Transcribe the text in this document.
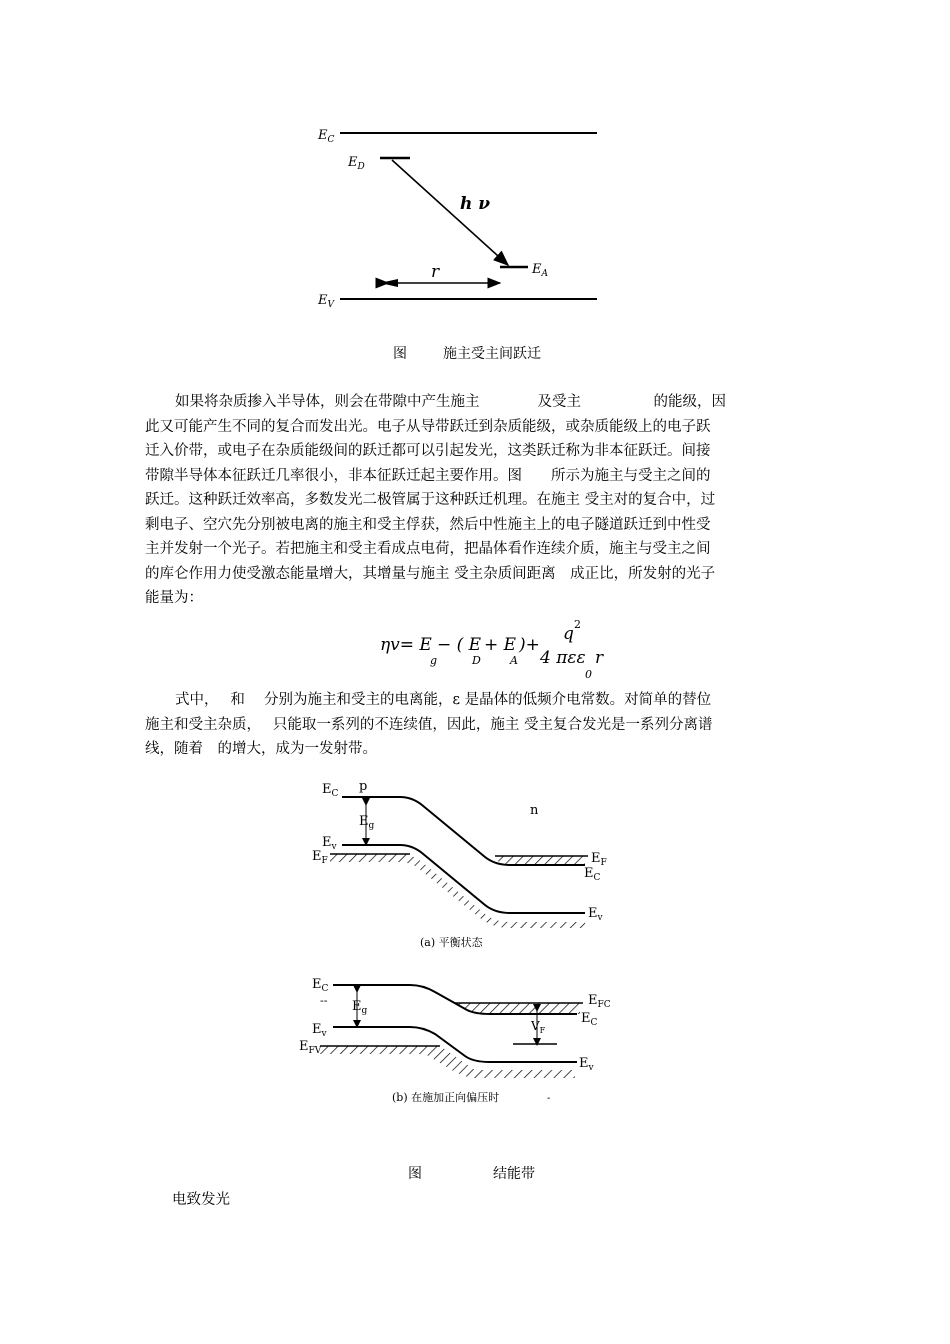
$E_C$
$E_D$
h ν
$E_A$
r
$E_V$
图	施主受主间跃迁
如果将杂质掺入半导体，则会在带隙中产生施主　　　　及受主　　　　　的能级，因
此又可能产生不同的复合而发出光。电子从导带跃迁到杂质能级，或杂质能级上的电子跃
迁入价带，或电子在杂质能级间的跃迁都可以引起发光，这类跃迁称为非本征跃迁。间接
带隙半导体本征跃迁几率很小，非本征跃迁起主要作用。图　　所示为施主与受主之间的
跃迁。这种跃迁效率高，多数发光二极管属于这种跃迁机理。在施主 受主对的复合中，过
剩电子、空穴先分别被电离的施主和受主俘获，然后中性施主上的电子隧道跃迁到中性受
主并发射一个光子。若把施主和受主看成点电荷，把晶体看作连续介质，施主与受主之间
的库仑作用力使受激态能量增大，其增量与施主 受主杂质间距离　成正比，所发射的光子
能量为：
ηv= E
g
− ( E
D
+ E
A
)+
q 2
4 πεε
0
r
式中，　 和　 分别为施主和受主的电离能，ε 是晶体的低频介电常数。对简单的替位
施主和受主杂质，　 只能取一系列的不连续值，因此，施主 受主复合发光是一系列分离谱
线，随着　的增大，成为一发射带。
$E_C$ p
n
$E_g$
$E_v$
$E_F$	$E_F$
$E_C$
$E_v$
(a) 平衡状态
$E_C$
-- $E_g$
$E_v$
$E_{FV}$
$E_{FC}$
$E_C$
$V_F$
$E_v$
(b) 在施加正向偏压时	-
图	结能带
电致发光
